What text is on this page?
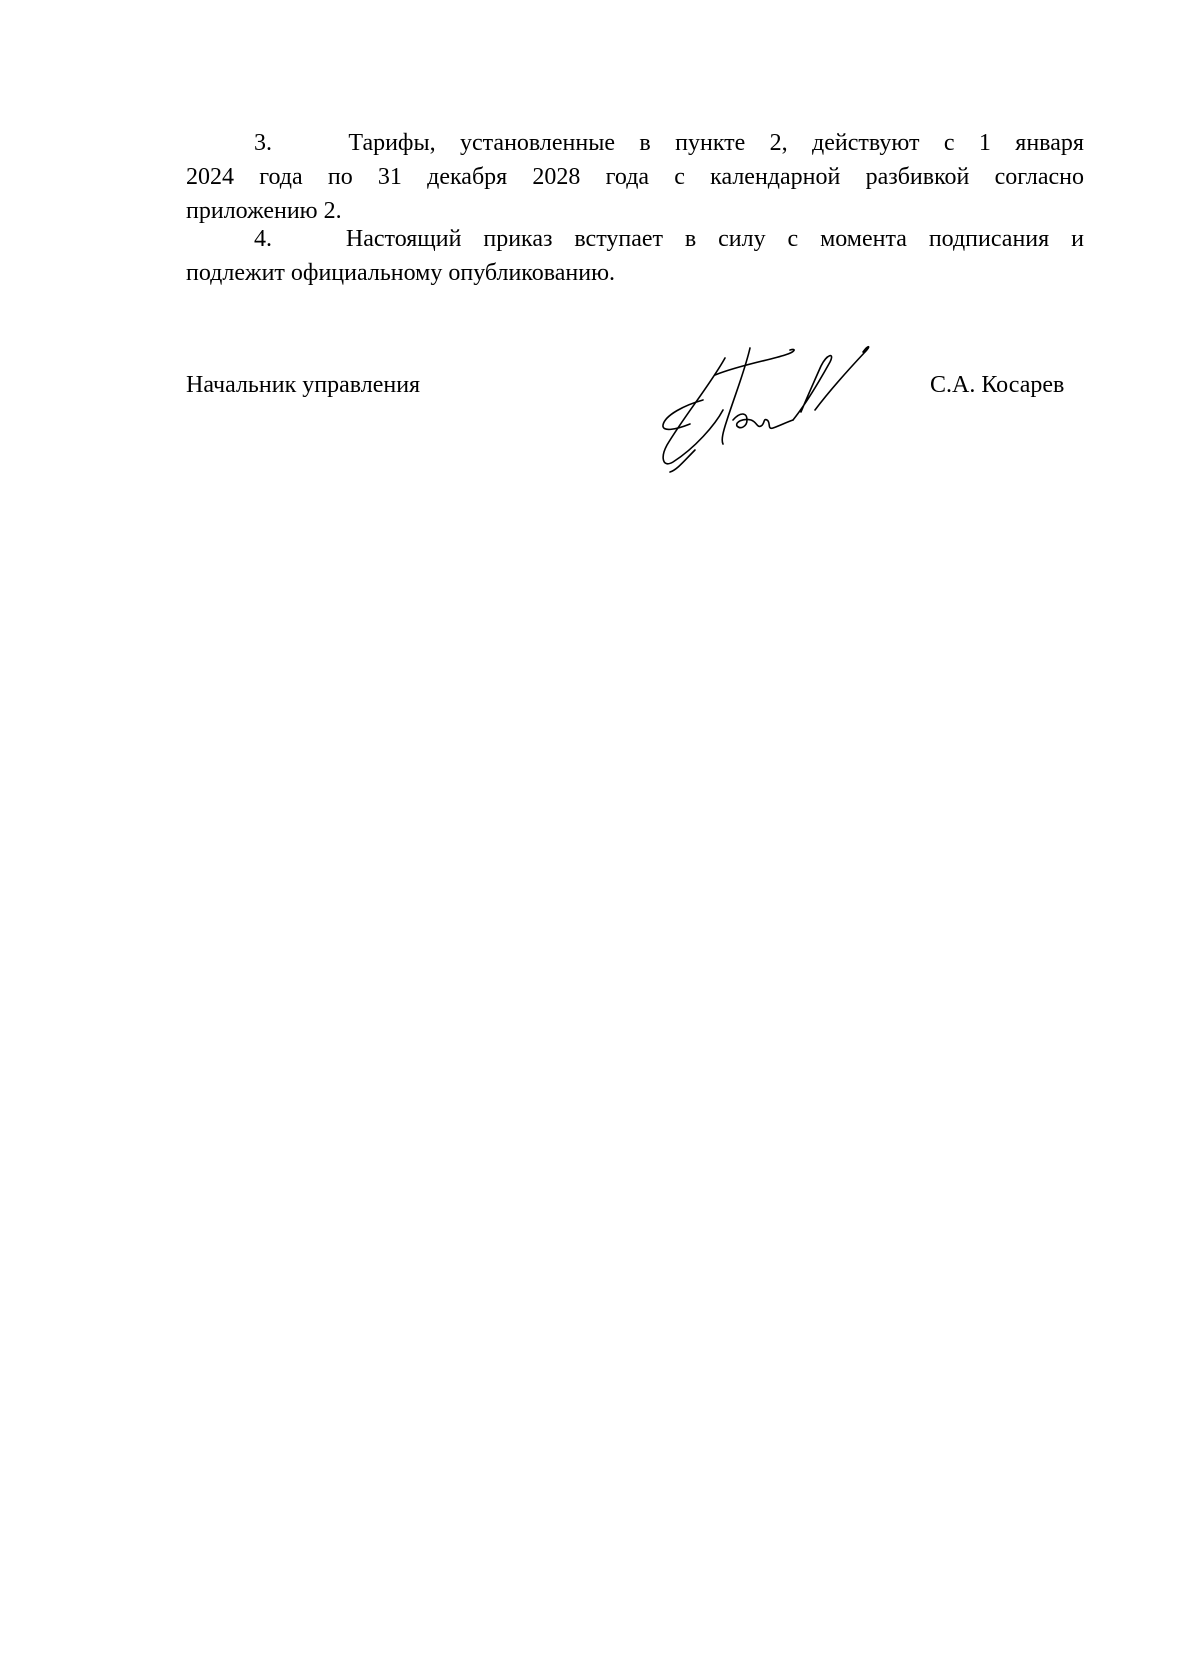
3.	Тарифы, установленные в пункте 2, действуют с 1 января
2024 года по 31 декабря 2028 года с календарной разбивкой согласно
приложению 2.
4.	Настоящий приказ вступает в силу с момента подписания и
подлежит официальному опубликованию.
Начальник управления	С.А. Косарев
